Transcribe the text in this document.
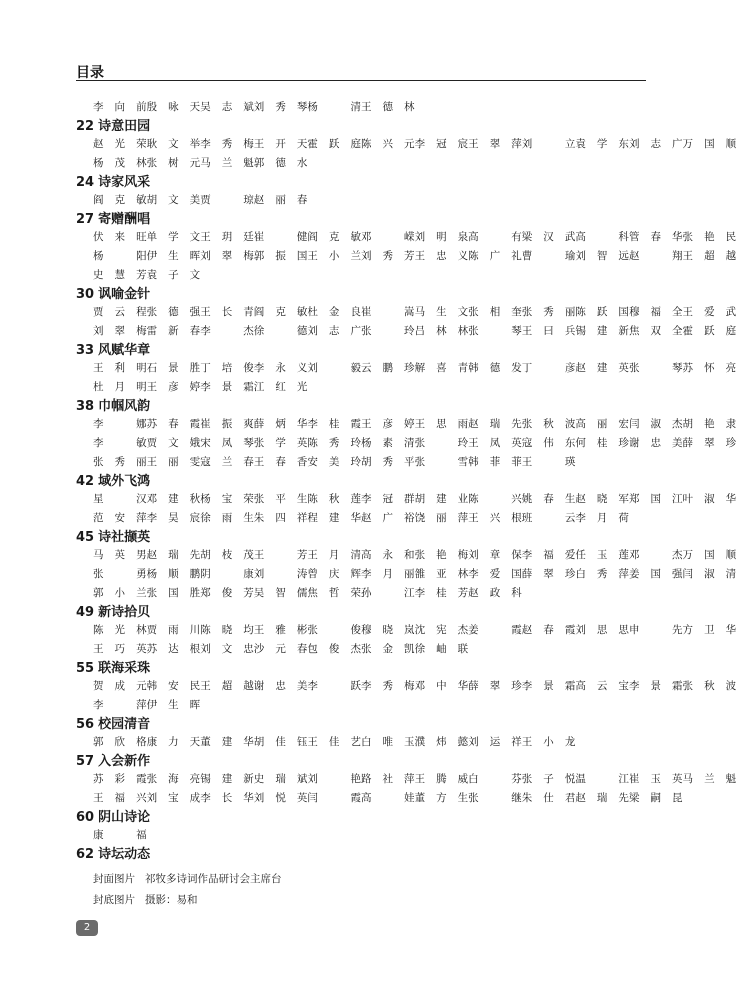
目录
李向前殷咏天吴志斌刘秀琴杨 清王德林
22 诗意田园
赵光荣耿文举李秀梅王开天霍跃庭陈兴元李冠宸王翠萍刘 立袁学东刘志广万国顺
杨茂林张树元马兰魁郭德水
24 诗家风采
阎克敏胡文美贾 琼赵丽春
27 寄赠酬唱
伏来旺单学文王玥廷崔 健阎克敏邓 嵘刘明泉高 有梁汉武高 科管春华张艳民
杨 阳伊生晖刘翠梅郭振国王小兰刘秀芳王忠义陈广礼曹 瑜刘智远赵 翔王超越
史慧芳袁子文
30 讽喻金针
贾云程张德强王长青阎克敏杜金良崔 嵩马生文张相奎张秀丽陈跃国穆福全王爱武
刘翠梅雷新春李 杰徐 德刘志广张 玲吕林林张 琴王曰兵锡建新焦双全霍跃庭
33 风赋华章
王利明石景胜丁培俊李永义刘 毅云鹏珍解喜青韩德发丁 彦赵建英张 琴苏怀亮
杜月明王彦婷李景霜江红光
38 巾帼风韵
李 娜苏春霞崔振爽薛炳华李桂霞王彦婷王思雨赵瑞先张秋波高丽宏闫淑杰胡艳隶
李 敏贾文娥宋凤琴张学英陈秀玲杨素清张 玲王凤英寇伟东何桂珍谢忠美薛翠珍
张秀丽王丽雯寇兰春王春香安美玲胡秀平张 雪韩菲菲王 瑛
42 域外飞鸿
星 汉邓建秋杨宝荣张平生陈秋莲李冠群胡建业陈 兴姚春生赵晓军郑国江叶淑华
范安萍李昊宸徐雨生朱四祥程建华赵广裕饶丽萍王兴根班 云李月荷
45 诗社撷英
马英男赵瑞先胡枝茂王 芳王月清高永和张艳梅刘章保李福爱任玉莲邓 杰万国顺
张 勇杨顺鹏阴 康刘 涛曾庆辉李月丽雒亚林李爱国薛翠珍白秀萍姜国强闫淑清
郭小兰张国胜郑俊芳吴智儒焦哲荣孙 江李桂芳赵政科
49 新诗拾贝
陈光林贾雨川陈晓均王雅彬张 俊穆晓岚沈宪杰姜 霞赵春霞刘思思申 先方卫华
王巧英苏达根刘文忠沙元春包俊杰张金凯徐岫联
55 联海采珠
贺成元韩安民王超越谢忠美李 跃李秀梅邓中华薛翠珍李景霜高云宝李景霜张秋波
李 萍伊生晖
56 校园清音
郭欣格康力天董建华胡佳钰王佳艺白唯玉濮炜懿刘运祥王小龙
57 入会新作
苏彩霞张海亮锡建新史瑞斌刘 艳路社萍王腾威白 芬张子悦温 江崔玉英马兰魁
王福兴刘宝成李长华刘悦英闫 霞高 娃董方生张 继朱仕君赵瑞先梁嗣昆
60 阴山诗论
康 福
62 诗坛动态
封面图片 祁牧多诗词作品研讨会主席台
封底图片 摄影：易和
2
